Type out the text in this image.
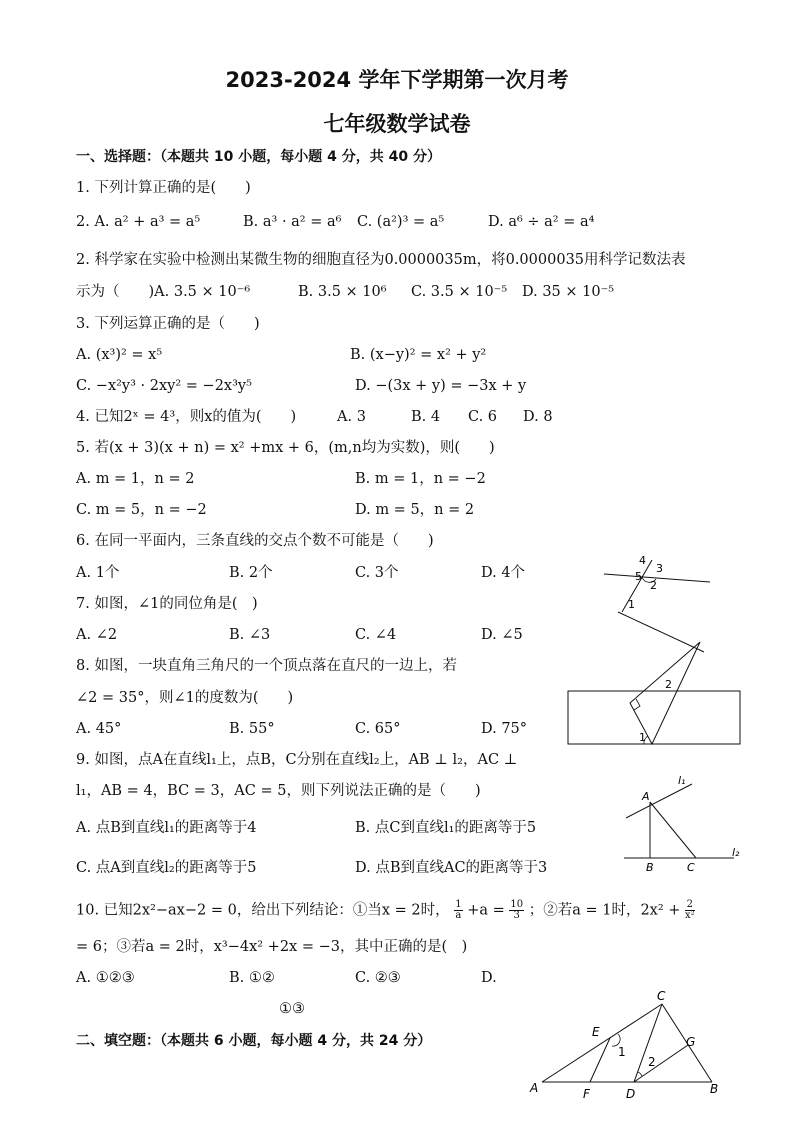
2023-2024 学年下学期第一次月考
七年级数学试卷
一、选择题：（本题共 10 小题，每小题 4 分，共 40 分）
1. 下列计算正确的是(　　)
2. A. a² + a³ = a⁵	B. a³ · a² = a⁶ C. (a²)³ = a⁵	D. a⁶ ÷ a² = a⁴
2. 科学家在实验中检测出某微生物的细胞直径为0.0000035m，将0.0000035用科学记数法表
示为（　　)A. 3.5 × 10⁻⁶	B. 3.5 × 10⁶ C. 3.5 × 10⁻⁵ D. 35 × 10⁻⁵
3. 下列运算正确的是（　　)
A. (x³)² = x⁵	B. (x−y)² = x² + y²
C. −x²y³ · 2xy² = −2x³y⁵	D. −(3x + y) = −3x + y
4. 已知2ˣ = 4³，则x的值为(　　)	A. 3	B. 4 C. 6 D. 8
5. 若(x + 3)(x + n) = x² +mx + 6，(m,n均为实数)，则(　　)
A. m = 1，n = 2	B. m = 1，n = −2
C. m = 5，n = −2	D. m = 5，n = 2
6. 在同一平面内，三条直线的交点个数不可能是（　　)
A. 1个	B. 2个	C. 3个	D. 4个
4
5
3
2
1
7. 如图，∠1的同位角是(　)
A. ∠2	B. ∠3	C. ∠4	D. ∠5
2
1
8. 如图，一块直角三角尺的一个顶点落在直尺的一边上，若
∠2 = 35°，则∠1的度数为(　　)
A. 45°	B. 55°	C. 65°	D. 75°
9. 如图，点A在直线l₁上，点B，C分别在直线l₂上，AB ⊥ l₂，AC ⊥
l₁，AB = 4，BC = 3，AC = 5，则下列说法正确的是（　　)
l₁
A
l₂
B	C
A. 点B到直线l₁的距离等于4	B. 点C到直线l₁的距离等于5
C. 点A到直线l₂的距离等于5	D. 点B到直线AC的距离等于3
10. 已知2x²−ax−2 = 0，给出下列结论：①当x = 2时， $\frac{1}{a} +a = \frac{10}{3}$ ；②若a = 1时，$2x^2 + \frac{2}{\text{x²}}$
= 6；③若a = 2时，x³−4x² +2x = −3，其中正确的是(　)
A. ①②③	B. ①②	C. ②③	D.
①③
二、填空题：（本题共 6 小题，每小题 4 分，共 24 分）
C
E
G
1
2
A	F	D	B
